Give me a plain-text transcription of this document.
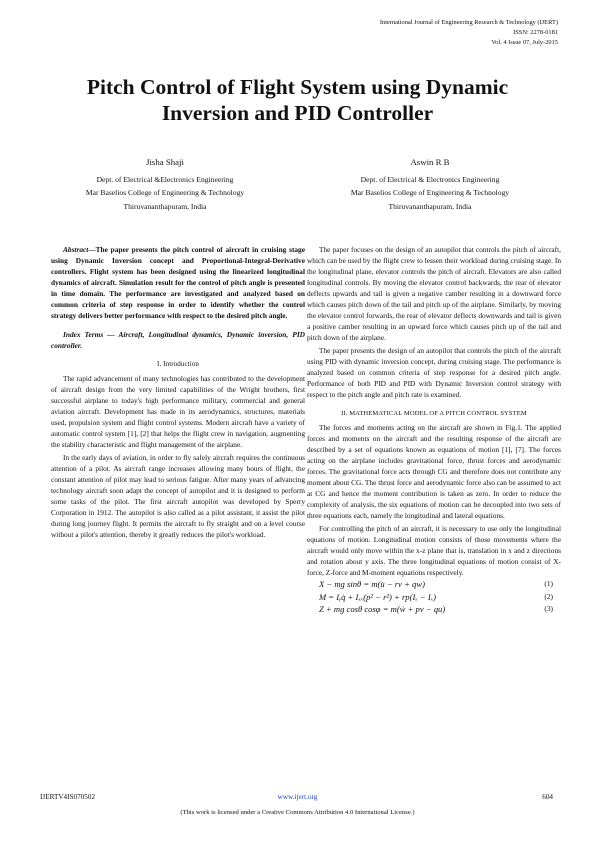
International Journal of Engineering Research & Technology (IJERT)
ISSN: 2278-0181
Vol. 4 Issue 07, July-2015
Pitch Control of Flight System using Dynamic
Inversion and PID Controller
Jisha Shaji
Dept. of Electrical &Electronics Engineering
Mar Baselios College of Engineering & Technology
Thiruvananthapuram, India
Aswin R B
Dept. of Electrical & Electronics Engineering
Mar Baselios College of Engineering & Technology
Thiruvananthapuram, India

Abstract—The paper presents the pitch control of aircraft in cruising stage using Dynamic Inversion concept and Proportional-Integral-Derivative controllers. Flight system has been designed using the linearized longitudinal dynamics of aircraft. Simulation result for the control of pitch angle is presented in time domain. The performance are investigated and analyzed based on common criteria of step response in order to identify whether the control strategy delivers better performance with respect to the desired pitch angle.

Index Terms — Aircraft, Longitudinal dynamics, Dynamic inversion, PID controller.

I. Introduction

The rapid advancement of many technologies has contributed to the development of aircraft design from the very limited capabilities of the Wright brothers, first successful airplane to today's high performance military, commercial and general aviation aircraft. Development has made in its aerodynamics, structures, materials used, propulsion system and flight control systems. Modern aircraft have a variety of automatic control system [1], [2] that helps the flight crew in navigation, augmenting the stability characteristic and flight management of the airplane.

In the early days of aviation, in order to fly safely aircraft requires the continuous attention of a pilot. As aircraft range increases allowing many hours of flight, the constant attention of pilot may lead to serious fatigue. After many years of advancing technology aircraft soon adapt the concept of autopilot and it is designed to perform some tasks of the pilot. The first aircraft autopilot was developed by Sperry Corporation in 1912. The autopilot is also called as a pilot assistant, it assist the pilot during long journey flight. It permits the aircraft to fly straight and on a level course without a pilot's attention, thereby it greatly reduces the pilot's workload.

The paper focuses on the design of an autopilot that controls the pitch of aircraft, which can be used by the flight crew to lessen their workload during cruising stage. In the longitudinal plane, elevator controls the pitch of aircraft. Elevators are also called longitudinal controls. By moving the elevator control backwards, the rear of elevator deflects upwards and tail is given a negative camber resulting in a downward force which causes pitch down of the tail and pitch up of the airplane. Similarly, by moving the elevator control forwards, the rear of elevator deflects downwards and tail is given a positive camber resulting in an upward force which causes pitch up of the tail and pitch down of the airplane.

The paper presents the design of an autopilot that controls the pitch of the aircraft using PID with dynamic inversion concept, during cruising stage. The performance is analyzed based on common criteria of step response for a desired pitch angle. Performance of both PID and PID with Dynamic Inversion control strategy with respect to the pitch angle and pitch rate is examined.

II. MATHEMATICAL MODEL OF A PITCH CONTROL SYSTEM

The forces and moments acting on the aircraft are shown in Fig.1. The applied forces and moments on the aircraft and the resulting response of the aircraft are described by a set of equations known as equations of motion [1], [7]. The forces acting on the airplane includes gravitational force, thrust forces and aerodynamic forces. The gravitational force acts through CG and therefore does not contribute any moment about CG. The thrust force and aerodynamic force also can be assumed to act at CG and hence the moment contribution is taken as zero. In order to reduce the complexity of analysis, the six equations of motion can be decoupled into two sets of three equations each, namely the longitudinal and lateral equations.

For controlling the pitch of an aircraft, it is necessary to use only the longitudinal equations of motion. Longitudinal motion consists of those movements where the aircraft would only move within the x-z plane that is, translation in x and z directions and rotation about y axis. The three longitudinal equations of motion consist of X-force, Z-force and M-moment equations respectively.

X − mg sinθ = m(u̇ − rv + qw)	(1)
M = Iᵧq̇ + Iₓₓ(p² − r²) + rp(Iₓ − Iₓ)	(2)
Z + mg cosθ cosφ = m(ẇ + pv − qu)	(3)
IJERTV4IS070502	www.ijert.org	604
(This work is licensed under a Creative Commons Attribution 4.0 International License.)
